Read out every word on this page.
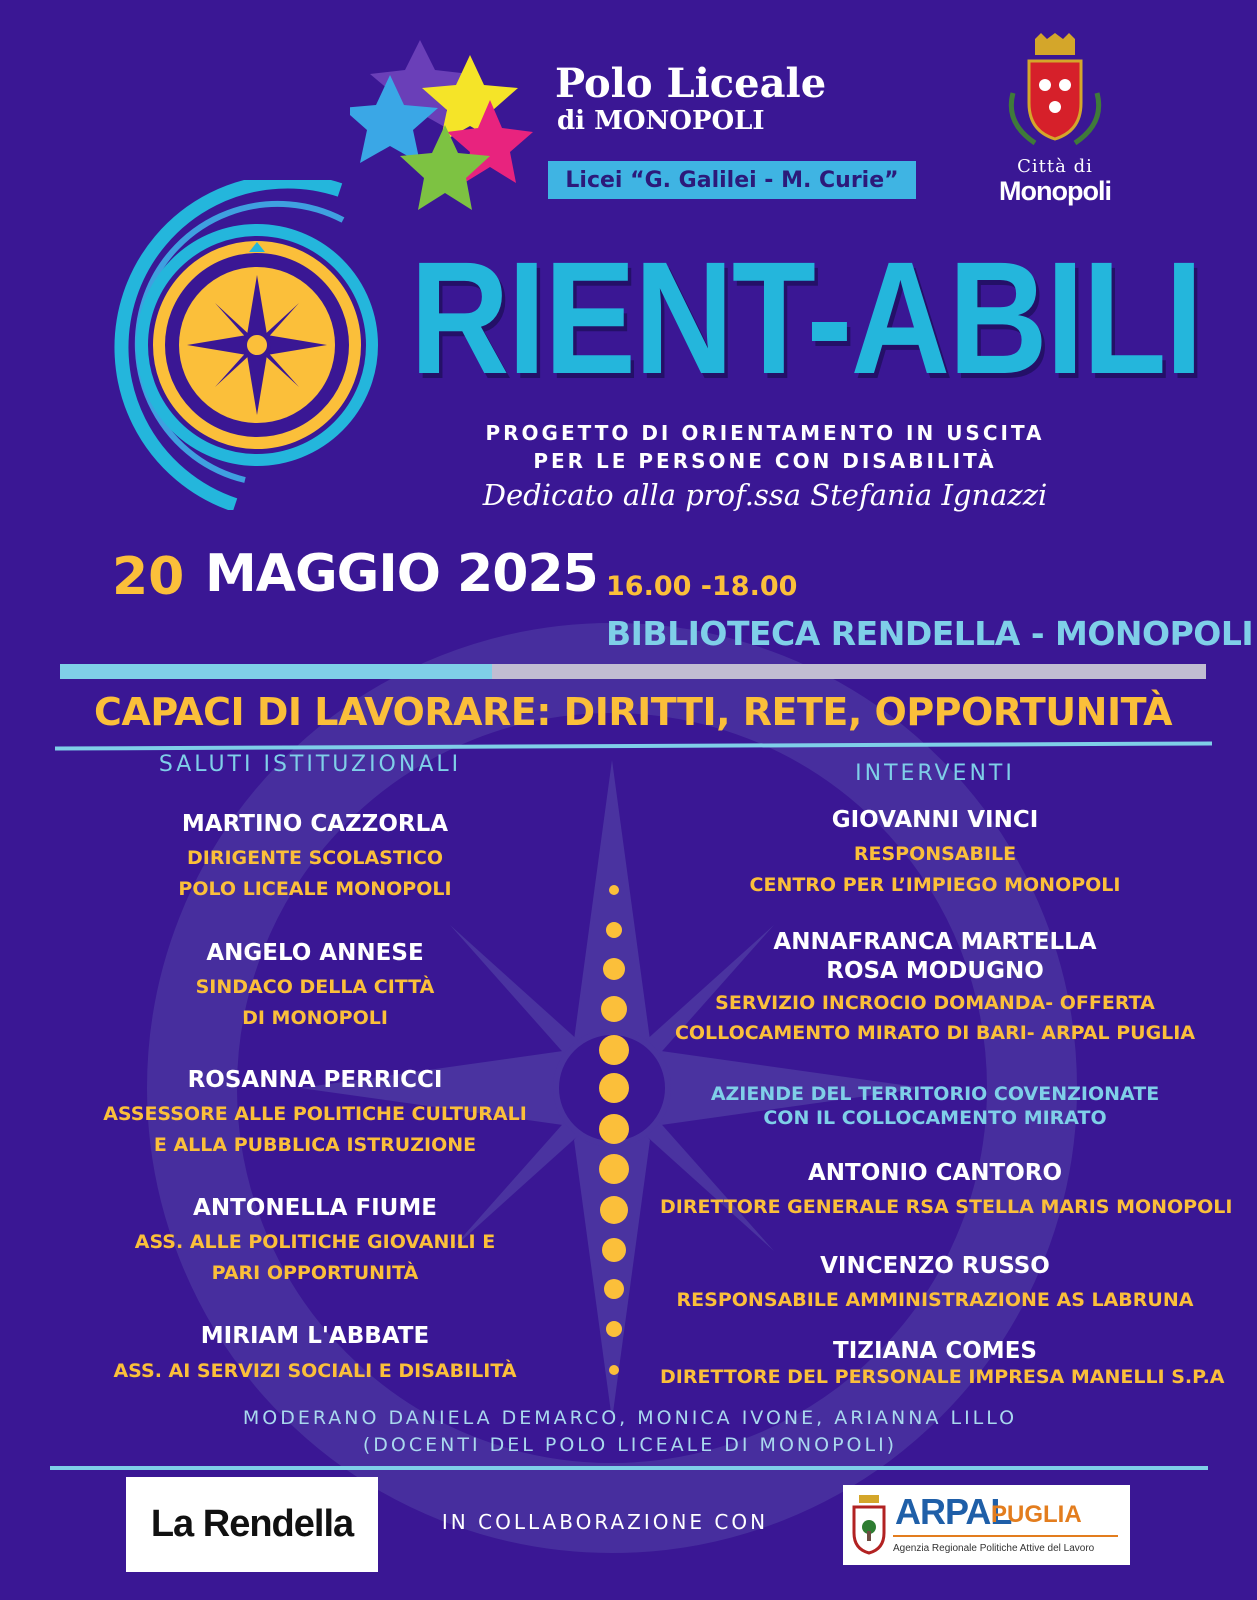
Polo Liceale
di MONOPOLI
Licei “G. Galilei - M. Curie”
Città di
Monopoli
RIENT-ABILI
PROGETTO DI ORIENTAMENTO IN USCITA
PER LE PERSONE CON DISABILITÀ
Dedicato alla prof.ssa Stefania Ignazzi
20 MAGGIO 2025 16.00 -18.00
BIBLIOTECA RENDELLA - MONOPOLI
CAPACI DI LAVORARE: DIRITTI, RETE, OPPORTUNITÀ
SALUTI ISTITUZIONALI
MARTINO CAZZORLA
DIRIGENTE SCOLASTICO
POLO LICEALE MONOPOLI
ANGELO ANNESE
SINDACO DELLA CITTÀ
DI MONOPOLI
ROSANNA PERRICCI
ASSESSORE ALLE POLITICHE CULTURALI
E ALLA PUBBLICA ISTRUZIONE
ANTONELLA FIUME
ASS. ALLE POLITICHE GIOVANILI E
PARI OPPORTUNITÀ
MIRIAM L'ABBATE
ASS. AI SERVIZI SOCIALI E DISABILITÀ
INTERVENTI
GIOVANNI VINCI
RESPONSABILE
CENTRO PER L’IMPIEGO MONOPOLI
ANNAFRANCA MARTELLA
ROSA MODUGNO
SERVIZIO INCROCIO DOMANDA- OFFERTA
COLLOCAMENTO MIRATO DI BARI- ARPAL PUGLIA
AZIENDE DEL TERRITORIO COVENZIONATE
CON IL COLLOCAMENTO MIRATO
ANTONIO CANTORO
DIRETTORE GENERALE RSA STELLA MARIS MONOPOLI
VINCENZO RUSSO
RESPONSABILE AMMINISTRAZIONE AS LABRUNA
TIZIANA COMES
DIRETTORE DEL PERSONALE IMPRESA MANELLI S.P.A
MODERANO DANIELA DEMARCO, MONICA IVONE, ARIANNA LILLO
(DOCENTI DEL POLO LICEALE DI MONOPOLI)
La Rendella	IN COLLABORAZIONE CON	ARPAL
PUGLIA
Agenzia Regionale Politiche Attive del Lavoro
